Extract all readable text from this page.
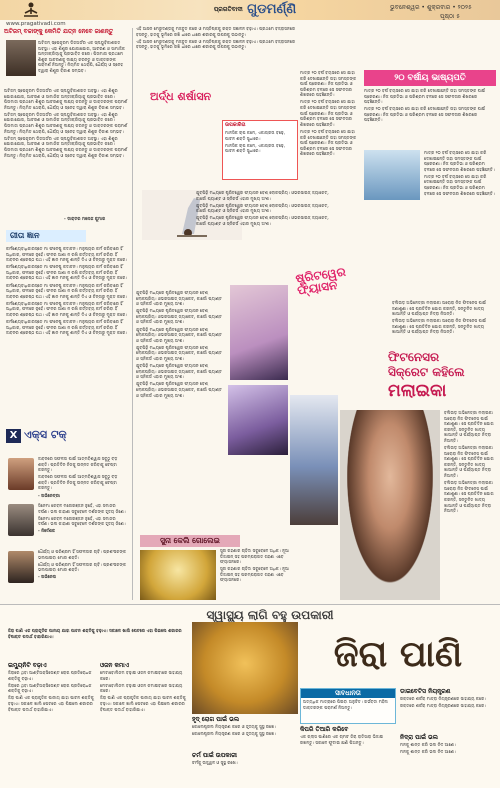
$^{ପ୍ରଗତିବାଦୀ}$ ଗୁଡମର୍ଣ୍ଣି	ଭୁବନେଶ୍ୱର • ଶୁକ୍ରବାର • ୨୦୨୫
ପୃଷ୍ଠା ୫
www.pragativadi.com
ଅଟିଜମ୍ ବଚ୍ଚାଙ୍କୁ କେମିତି ଯତ୍ନ ନେବେ ଜାଣନ୍ତୁ

ଅଟିଜମ୍ ସ୍ପେକ୍ଟ୍ରମ ଡିଜଅର୍ଡର ଏକ ସ୍ନାୟୁବିକାଶଗତ ଅବସ୍ଥା। ଏହା ଶିଶୁର ଯୋଗାଯୋଗ, ଆଚରଣ ଓ ସାମାଜିକ ଅନ୍ତଃକ୍ରିୟାକୁ ପ୍ରଭାବିତ କରେ। ପିତାମାତା ପ୍ରଥମେ ଶିଶୁର ଆଚରଣକୁ ଲକ୍ଷ୍ୟ କରନ୍ତୁ ଓ ଡାକ୍ତରଙ୍କ ପରାମର୍ଶ ନିଅନ୍ତୁ। ନିୟମିତ ଥେରାପି, ଧୈର୍ଯ୍ୟ ଓ ସ୍ନେହ ଦ୍ୱାରା ଶିଶୁର ବିକାଶ ସମ୍ଭବ।

ଅଟିଜମ୍ ସ୍ପେକ୍ଟ୍ରମ ଡିଜଅର୍ଡର ଏକ ସ୍ନାୟୁବିକାଶଗତ ଅବସ୍ଥା। ଏହା ଶିଶୁର ଯୋଗାଯୋଗ, ଆଚରଣ ଓ ସାମାଜିକ ଅନ୍ତଃକ୍ରିୟାକୁ ପ୍ରଭାବିତ କରେ। ପିତାମାତା ପ୍ରଥମେ ଶିଶୁର ଆଚରଣକୁ ଲକ୍ଷ୍ୟ କରନ୍ତୁ ଓ ଡାକ୍ତରଙ୍କ ପରାମର୍ଶ ନିଅନ୍ତୁ। ନିୟମିତ ଥେରାପି, ଧୈର୍ଯ୍ୟ ଓ ସ୍ନେହ ଦ୍ୱାରା ଶିଶୁର ବିକାଶ ସମ୍ଭବ।

ଅଟିଜମ୍ ସ୍ପେକ୍ଟ୍ରମ ଡିଜଅର୍ଡର ଏକ ସ୍ନାୟୁବିକାଶଗତ ଅବସ୍ଥା। ଏହା ଶିଶୁର ଯୋଗାଯୋଗ, ଆଚରଣ ଓ ସାମାଜିକ ଅନ୍ତଃକ୍ରିୟାକୁ ପ୍ରଭାବିତ କରେ। ପିତାମାତା ପ୍ରଥମେ ଶିଶୁର ଆଚରଣକୁ ଲକ୍ଷ୍ୟ କରନ୍ତୁ ଓ ଡାକ୍ତରଙ୍କ ପରାମର୍ଶ ନିଅନ୍ତୁ। ନିୟମିତ ଥେରାପି, ଧୈର୍ଯ୍ୟ ଓ ସ୍ନେହ ଦ୍ୱାରା ଶିଶୁର ବିକାଶ ସମ୍ଭବ।

ଅଟିଜମ୍ ସ୍ପେକ୍ଟ୍ରମ ଡିଜଅର୍ଡର ଏକ ସ୍ନାୟୁବିକାଶଗତ ଅବସ୍ଥା। ଏହା ଶିଶୁର ଯୋଗାଯୋଗ, ଆଚରଣ ଓ ସାମାଜିକ ଅନ୍ତଃକ୍ରିୟାକୁ ପ୍ରଭାବିତ କରେ। ପିତାମାତା ପ୍ରଥମେ ଶିଶୁର ଆଚରଣକୁ ଲକ୍ଷ୍ୟ କରନ୍ତୁ ଓ ଡାକ୍ତରଙ୍କ ପରାମର୍ଶ ନିଅନ୍ତୁ। ନିୟମିତ ଥେରାପି, ଧୈର୍ଯ୍ୟ ଓ ସ୍ନେହ ଦ୍ୱାରା ଶିଶୁର ବିକାଶ ସମ୍ଭବ।

- ଡାକ୍ତର ମନୋଜ କୁମାର
ଗୀତା ଜ୍ଞାନ

କର୍ମଣ୍ୟେବାଧିକାରସ୍ତେ ମା ଫଳେଷୁ କଦାଚନ। ମନୁଷ୍ୟର କର୍ମ କରିବାରେ ହିଁ ଅଧିକାର, ଫଳରେ ନୁହେଁ। ଫଳର ଆଶା ନ ରଖି କର୍ତ୍ତବ୍ୟ କର୍ମ କରିବା ହିଁ ଜୀବନର ଶ୍ରେଷ୍ଠ ପଥ। ଏହି ଜ୍ଞାନ ମନକୁ ଶାନ୍ତି ଦିଏ ଓ ଚିନ୍ତାରୁ ମୁକ୍ତ କରେ।

କର୍ମଣ୍ୟେବାଧିକାରସ୍ତେ ମା ଫଳେଷୁ କଦାଚନ। ମନୁଷ୍ୟର କର୍ମ କରିବାରେ ହିଁ ଅଧିକାର, ଫଳରେ ନୁହେଁ। ଫଳର ଆଶା ନ ରଖି କର୍ତ୍ତବ୍ୟ କର୍ମ କରିବା ହିଁ ଜୀବନର ଶ୍ରେଷ୍ଠ ପଥ। ଏହି ଜ୍ଞାନ ମନକୁ ଶାନ୍ତି ଦିଏ ଓ ଚିନ୍ତାରୁ ମୁକ୍ତ କରେ।

କର୍ମଣ୍ୟେବାଧିକାରସ୍ତେ ମା ଫଳେଷୁ କଦାଚନ। ମନୁଷ୍ୟର କର୍ମ କରିବାରେ ହିଁ ଅଧିକାର, ଫଳରେ ନୁହେଁ। ଫଳର ଆଶା ନ ରଖି କର୍ତ୍ତବ୍ୟ କର୍ମ କରିବା ହିଁ ଜୀବନର ଶ୍ରେଷ୍ଠ ପଥ। ଏହି ଜ୍ଞାନ ମନକୁ ଶାନ୍ତି ଦିଏ ଓ ଚିନ୍ତାରୁ ମୁକ୍ତ କରେ।

କର୍ମଣ୍ୟେବାଧିକାରସ୍ତେ ମା ଫଳେଷୁ କଦାଚନ। ମନୁଷ୍ୟର କର୍ମ କରିବାରେ ହିଁ ଅଧିକାର, ଫଳରେ ନୁହେଁ। ଫଳର ଆଶା ନ ରଖି କର୍ତ୍ତବ୍ୟ କର୍ମ କରିବା ହିଁ ଜୀବନର ଶ୍ରେଷ୍ଠ ପଥ। ଏହି ଜ୍ଞାନ ମନକୁ ଶାନ୍ତି ଦିଏ ଓ ଚିନ୍ତାରୁ ମୁକ୍ତ କରେ।

କର୍ମଣ୍ୟେବାଧିକାରସ୍ତେ ମା ଫଳେଷୁ କଦାଚନ। ମନୁଷ୍ୟର କର୍ମ କରିବାରେ ହିଁ ଅଧିକାର, ଫଳରେ ନୁହେଁ। ଫଳର ଆଶା ନ ରଖି କର୍ତ୍ତବ୍ୟ କର୍ମ କରିବା ହିଁ ଜୀବନର ଶ୍ରେଷ୍ଠ ପଥ। ଏହି ଜ୍ଞାନ ମନକୁ ଶାନ୍ତି ଦିଏ ଓ ଚିନ୍ତାରୁ ମୁକ୍ତ କରେ।

X ଏକ୍ସ ଟକ୍

ଜୀବନରେ ସଫଳତା ପାଇଁ ଆତ୍ମବିଶ୍ୱାସ ସବୁଠୁ ବଡ଼ ଶକ୍ତି। ପ୍ରତିଦିନ ନିଜକୁ ଉନ୍ନତ କରିବାକୁ ଚେଷ୍ଟା କରନ୍ତୁ।

ଜୀବନରେ ସଫଳତା ପାଇଁ ଆତ୍ମବିଶ୍ୱାସ ସବୁଠୁ ବଡ଼ ଶକ୍ତି। ପ୍ରତିଦିନ ନିଜକୁ ଉନ୍ନତ କରିବାକୁ ଚେଷ୍ଟା କରନ୍ତୁ।

- ଅଭିନେତ୍ରୀ

ସିନେମା କେବଳ ମନୋରଞ୍ଜନ ନୁହେଁ, ଏହା ସମାଜର ଦର୍ପଣ। ଭଲ କାହାଣୀ ସବୁବେଳେ ଦର୍ଶକଙ୍କ ହୃଦୟ ଜିଣେ।

ସିନେମା କେବଳ ମନୋରଞ୍ଜନ ନୁହେଁ, ଏହା ସମାଜର ଦର୍ପଣ। ଭଲ କାହାଣୀ ସବୁବେଳେ ଦର୍ଶକଙ୍କ ହୃଦୟ ଜିଣେ।

- ନିର୍ଦ୍ଦେଶକ

ଧୈର୍ଯ୍ୟ ଓ ପରିଶ୍ରମ ହିଁ ସଫଳତାର ଚାବି। ପ୍ରଶଂସକଙ୍କ ଭଲପାଇବା ମୋର ଶକ୍ତି।

ଧୈର୍ଯ୍ୟ ଓ ପରିଶ୍ରମ ହିଁ ସଫଳତାର ଚାବି। ପ୍ରଶଂସକଙ୍କ ଭଲପାଇବା ମୋର ଶକ୍ତି।

- ଅଭିନେତା

ଏହି ଆସନ ମେରୁଦଣ୍ଡକୁ ମଜବୁତ କରେ ଓ ମସ୍ତିଷ୍କକୁ ରକ୍ତ ସଞ୍ଚାଳନ ବଢ଼ାଏ। ପ୍ରଥମେ ବଜ୍ରାସନରେ ବସନ୍ତୁ, ହାତକୁ ଭୂମିରେ ରଖି ଧୀରେ ଧୀରେ ଶରୀରକୁ ଉପରକୁ ଉଠାନ୍ତୁ।

ଏହି ଆସନ ମେରୁଦଣ୍ଡକୁ ମଜବୁତ କରେ ଓ ମସ୍ତିଷ୍କକୁ ରକ୍ତ ସଞ୍ଚାଳନ ବଢ଼ାଏ। ପ୍ରଥମେ ବଜ୍ରାସନରେ ବସନ୍ତୁ, ହାତକୁ ଭୂମିରେ ରଖି ଧୀରେ ଧୀରେ ଶରୀରକୁ ଉପରକୁ ଉଠାନ୍ତୁ।

ଅର୍ଦ୍ଧ ଶର୍ଷାସନ

ଉପକାରିତା

ମାନସିକ ଚାପ କମେ, ଏକାଗ୍ରତା ବଢ଼େ, ପାଚନ ଶକ୍ତି ସୁଧାରେ।

ମାନସିକ ଚାପ କମେ, ଏକାଗ୍ରତା ବଢ଼େ, ପାଚନ ଶକ୍ତି ସୁଧାରେ।

ଯୁବପିଢ଼ି ମଧ୍ୟରେ ଷ୍ଟ୍ରିଟୱେର ଫ୍ୟାସନ ବେଶ୍ ଲୋକପ୍ରିୟ। ଓଭରସାଇଜ୍ ଜ୍ୟାକେଟ୍, କାର୍ଗୋ ପ୍ୟାଣ୍ଟ ଓ ସ୍ନିକର୍ସ ଏହାର ମୁଖ୍ୟ ଅଂଶ।

ଯୁବପିଢ଼ି ମଧ୍ୟରେ ଷ୍ଟ୍ରିଟୱେର ଫ୍ୟାସନ ବେଶ୍ ଲୋକପ୍ରିୟ। ଓଭରସାଇଜ୍ ଜ୍ୟାକେଟ୍, କାର୍ଗୋ ପ୍ୟାଣ୍ଟ ଓ ସ୍ନିକର୍ସ ଏହାର ମୁଖ୍ୟ ଅଂଶ।

ଯୁବପିଢ଼ି ମଧ୍ୟରେ ଷ୍ଟ୍ରିଟୱେର ଫ୍ୟାସନ ବେଶ୍ ଲୋକପ୍ରିୟ। ଓଭରସାଇଜ୍ ଜ୍ୟାକେଟ୍, କାର୍ଗୋ ପ୍ୟାଣ୍ଟ ଓ ସ୍ନିକର୍ସ ଏହାର ମୁଖ୍ୟ ଅଂଶ।

ଷ୍ଟ୍ରିଟୱେର ଫ୍ୟାସନ

ଯୁବପିଢ଼ି ମଧ୍ୟରେ ଷ୍ଟ୍ରିଟୱେର ଫ୍ୟାସନ ବେଶ୍ ଲୋକପ୍ରିୟ। ଓଭରସାଇଜ୍ ଜ୍ୟାକେଟ୍, କାର୍ଗୋ ପ୍ୟାଣ୍ଟ ଓ ସ୍ନିକର୍ସ ଏହାର ମୁଖ୍ୟ ଅଂଶ।

ଯୁବପିଢ଼ି ମଧ୍ୟରେ ଷ୍ଟ୍ରିଟୱେର ଫ୍ୟାସନ ବେଶ୍ ଲୋକପ୍ରିୟ। ଓଭରସାଇଜ୍ ଜ୍ୟାକେଟ୍, କାର୍ଗୋ ପ୍ୟାଣ୍ଟ ଓ ସ୍ନିକର୍ସ ଏହାର ମୁଖ୍ୟ ଅଂଶ।

ଯୁବପିଢ଼ି ମଧ୍ୟରେ ଷ୍ଟ୍ରିଟୱେର ଫ୍ୟାସନ ବେଶ୍ ଲୋକପ୍ରିୟ। ଓଭରସାଇଜ୍ ଜ୍ୟାକେଟ୍, କାର୍ଗୋ ପ୍ୟାଣ୍ଟ ଓ ସ୍ନିକର୍ସ ଏହାର ମୁଖ୍ୟ ଅଂଶ।

ଯୁବପିଢ଼ି ମଧ୍ୟରେ ଷ୍ଟ୍ରିଟୱେର ଫ୍ୟାସନ ବେଶ୍ ଲୋକପ୍ରିୟ। ଓଭରସାଇଜ୍ ଜ୍ୟାକେଟ୍, କାର୍ଗୋ ପ୍ୟାଣ୍ଟ ଓ ସ୍ନିକର୍ସ ଏହାର ମୁଖ୍ୟ ଅଂଶ।

ଯୁବପିଢ଼ି ମଧ୍ୟରେ ଷ୍ଟ୍ରିଟୱେର ଫ୍ୟାସନ ବେଶ୍ ଲୋକପ୍ରିୟ। ଓଭରସାଇଜ୍ ଜ୍ୟାକେଟ୍, କାର୍ଗୋ ପ୍ୟାଣ୍ଟ ଓ ସ୍ନିକର୍ସ ଏହାର ମୁଖ୍ୟ ଅଂଶ।

ଯୁବପିଢ଼ି ମଧ୍ୟରେ ଷ୍ଟ୍ରିଟୱେର ଫ୍ୟାସନ ବେଶ୍ ଲୋକପ୍ରିୟ। ଓଭରସାଇଜ୍ ଜ୍ୟାକେଟ୍, କାର୍ଗୋ ପ୍ୟାଣ୍ଟ ଓ ସ୍ନିକର୍ସ ଏହାର ମୁଖ୍ୟ ଅଂଶ।

ସୁନା କେଲି ଗୋଲେଇ

ସୁନା ଗହଣାର ଚାହିଦା ସବୁବେଳେ ଅଧିକ। ନୂଆ ଡିଜାଇନ୍ ସହ ପରମ୍ପରାଗତ ଗହଣା ଏବେ ଫ୍ୟାସନରେ।

ସୁନା ଗହଣାର ଚାହିଦା ସବୁବେଳେ ଅଧିକ। ନୂଆ ଡିଜାଇନ୍ ସହ ପରମ୍ପରାଗତ ଗହଣା ଏବେ ଫ୍ୟାସନରେ।

ମାତ୍ର ୨୦ ବର୍ଷ ବୟସରେ ସେ ଯାହା କରି ଦେଖାଇଛନ୍ତି ତାହା ସମସ୍ତଙ୍କ ପାଇଁ ପ୍ରେରଣା। ନିଜ ପ୍ରତିଭା ଓ ପରିଶ୍ରମ ବଳରେ ସେ ସଫଳତାର ଶିଖରରେ ପହଞ୍ଚିଛନ୍ତି।

ମାତ୍ର ୨୦ ବର୍ଷ ବୟସରେ ସେ ଯାହା କରି ଦେଖାଇଛନ୍ତି ତାହା ସମସ୍ତଙ୍କ ପାଇଁ ପ୍ରେରଣା। ନିଜ ପ୍ରତିଭା ଓ ପରିଶ୍ରମ ବଳରେ ସେ ସଫଳତାର ଶିଖରରେ ପହଞ୍ଚିଛନ୍ତି।

ମାତ୍ର ୨୦ ବର୍ଷ ବୟସରେ ସେ ଯାହା କରି ଦେଖାଇଛନ୍ତି ତାହା ସମସ୍ତଙ୍କ ପାଇଁ ପ୍ରେରଣା। ନିଜ ପ୍ରତିଭା ଓ ପରିଶ୍ରମ ବଳରେ ସେ ସଫଳତାର ଶିଖରରେ ପହଞ୍ଚିଛନ୍ତି।

୨୦ ବର୍ଷୀୟ ଭାଷ୍ୟପତି

ମାତ୍ର ୨୦ ବର୍ଷ ବୟସରେ ସେ ଯାହା କରି ଦେଖାଇଛନ୍ତି ତାହା ସମସ୍ତଙ୍କ ପାଇଁ ପ୍ରେରଣା। ନିଜ ପ୍ରତିଭା ଓ ପରିଶ୍ରମ ବଳରେ ସେ ସଫଳତାର ଶିଖରରେ ପହଞ୍ଚିଛନ୍ତି।

ମାତ୍ର ୨୦ ବର୍ଷ ବୟସରେ ସେ ଯାହା କରି ଦେଖାଇଛନ୍ତି ତାହା ସମସ୍ତଙ୍କ ପାଇଁ ପ୍ରେରଣା। ନିଜ ପ୍ରତିଭା ଓ ପରିଶ୍ରମ ବଳରେ ସେ ସଫଳତାର ଶିଖରରେ ପହଞ୍ଚିଛନ୍ତି।

ମାତ୍ର ୨୦ ବର୍ଷ ବୟସରେ ସେ ଯାହା କରି ଦେଖାଇଛନ୍ତି ତାହା ସମସ୍ତଙ୍କ ପାଇଁ ପ୍ରେରଣା। ନିଜ ପ୍ରତିଭା ଓ ପରିଶ୍ରମ ବଳରେ ସେ ସଫଳତାର ଶିଖରରେ ପହଞ୍ଚିଛନ୍ତି।

ମାତ୍ର ୨୦ ବର୍ଷ ବୟସରେ ସେ ଯାହା କରି ଦେଖାଇଛନ୍ତି ତାହା ସମସ୍ତଙ୍କ ପାଇଁ ପ୍ରେରଣା। ନିଜ ପ୍ରତିଭା ଓ ପରିଶ୍ରମ ବଳରେ ସେ ସଫଳତାର ଶିଖରରେ ପହଞ୍ଚିଛନ୍ତି।

ଫିଟନେସର
ସିକ୍ରେଟ କହିଲେ
ମଲାଇକା

ବଲିଉଡ଼ ଅଭିନେତ୍ରୀ ମଲାଇକା ଅରୋରା ନିଜ ଫିଟନେସ ପାଇଁ ଜଣାଶୁଣା। ସେ ପ୍ରତିଦିନ ଯୋଗ କରନ୍ତି, ସନ୍ତୁଳିତ ଖାଦ୍ୟ ଖାଆନ୍ତି ଓ ପର୍ଯ୍ୟାପ୍ତ ନିଦ୍ରା ନିଅନ୍ତି।

ବଲିଉଡ଼ ଅଭିନେତ୍ରୀ ମଲାଇକା ଅରୋରା ନିଜ ଫିଟନେସ ପାଇଁ ଜଣାଶୁଣା। ସେ ପ୍ରତିଦିନ ଯୋଗ କରନ୍ତି, ସନ୍ତୁଳିତ ଖାଦ୍ୟ ଖାଆନ୍ତି ଓ ପର୍ଯ୍ୟାପ୍ତ ନିଦ୍ରା ନିଅନ୍ତି।

ବଲିଉଡ଼ ଅଭିନେତ୍ରୀ ମଲାଇକା ଅରୋରା ନିଜ ଫିଟନେସ ପାଇଁ ଜଣାଶୁଣା। ସେ ପ୍ରତିଦିନ ଯୋଗ କରନ୍ତି, ସନ୍ତୁଳିତ ଖାଦ୍ୟ ଖାଆନ୍ତି ଓ ପର୍ଯ୍ୟାପ୍ତ ନିଦ୍ରା ନିଅନ୍ତି।

ବଲିଉଡ଼ ଅଭିନେତ୍ରୀ ମଲାଇକା ଅରୋରା ନିଜ ଫିଟନେସ ପାଇଁ ଜଣାଶୁଣା। ସେ ପ୍ରତିଦିନ ଯୋଗ କରନ୍ତି, ସନ୍ତୁଳିତ ଖାଦ୍ୟ ଖାଆନ୍ତି ଓ ପର୍ଯ୍ୟାପ୍ତ ନିଦ୍ରା ନିଅନ୍ତି।

ବଲିଉଡ଼ ଅଭିନେତ୍ରୀ ମଲାଇକା ଅରୋରା ନିଜ ଫିଟନେସ ପାଇଁ ଜଣାଶୁଣା। ସେ ପ୍ରତିଦିନ ଯୋଗ କରନ୍ତି, ସନ୍ତୁଳିତ ଖାଦ୍ୟ ଖାଆନ୍ତି ଓ ପର୍ଯ୍ୟାପ୍ତ ନିଦ୍ରା ନିଅନ୍ତି।

ସ୍ୱାସ୍ଥ୍ୟ ଲାଗି ବହୁ ଉପକାରୀ

ଜିରା ପାଣି ଏକ ପ୍ରାକୃତିକ ପାନୀୟ ଯାହା ପାଚନ ଶକ୍ତିକୁ ବଢ଼ାଏ। ସକାଳେ ଖାଲି ପେଟରେ ଏହା ପିଇଲେ ଶରୀରର ବିଷାକ୍ତ ପଦାର୍ଥ ବାହାରିଯାଏ।	ଜିରା ପାଣି
ଇମ୍ୟୁନିଟି ବଢ଼ାଏ

ଜିରାରେ ଥିବା ଆଣ୍ଟିଅକ୍ସିଡେଣ୍ଟ ରୋଗ ପ୍ରତିରୋଧକ ଶକ୍ତିକୁ ବଢ଼ାଏ।

ଜିରାରେ ଥିବା ଆଣ୍ଟିଅକ୍ସିଡେଣ୍ଟ ରୋଗ ପ୍ରତିରୋଧକ ଶକ୍ତିକୁ ବଢ଼ାଏ।

ଜିରା ପାଣି ଏକ ପ୍ରାକୃତିକ ପାନୀୟ ଯାହା ପାଚନ ଶକ୍ତିକୁ ବଢ଼ାଏ। ସକାଳେ ଖାଲି ପେଟରେ ଏହା ପିଇଲେ ଶରୀରର ବିଷାକ୍ତ ପଦାର୍ଥ ବାହାରିଯାଏ।

ଓଜନ କମାଏ

ମେଟାବୋଲିଜମ ବଢ଼ାଇ ଓଜନ କମାଇବାରେ ସାହାଯ୍ୟ କରେ।

ମେଟାବୋଲିଜମ ବଢ଼ାଇ ଓଜନ କମାଇବାରେ ସାହାଯ୍ୟ କରେ।

ଜିରା ପାଣି ଏକ ପ୍ରାକୃତିକ ପାନୀୟ ଯାହା ପାଚନ ଶକ୍ତିକୁ ବଢ଼ାଏ। ସକାଳେ ଖାଲି ପେଟରେ ଏହା ପିଇଲେ ଶରୀରର ବିଷାକ୍ତ ପଦାର୍ଥ ବାହାରିଯାଏ।

ହୃଦ୍ ରୋଗ ପାଇଁ ଭଲ

କୋଲେଷ୍ଟ୍ରଲ ନିୟନ୍ତ୍ରଣ କରେ ଓ ହୃଦୟକୁ ସୁସ୍ଥ ରଖେ।

କୋଲେଷ୍ଟ୍ରଲ ନିୟନ୍ତ୍ରଣ କରେ ଓ ହୃଦୟକୁ ସୁସ୍ଥ ରଖେ।

ଚର୍ମ ପାଇଁ ଉପକାରୀ

ଚର୍ମକୁ ଉଜ୍ଜ୍ୱଳ ଓ ସୁସ୍ଥ ରଖେ।

ସାବଧାନତା

ଅତ୍ୟଧିକ ମାତ୍ରାରେ ପିଇବା ଅନୁଚିତ। ଗର୍ଭବତୀ ମହିଳା ଡାକ୍ତରଙ୍କ ପରାମର୍ଶ ନିଅନ୍ତୁ।

କିପରି ତିଆରି କରିବେ

ଏକ ଗ୍ଲାସ ପାଣିରେ ଏକ ଚାମଚ ଜିରା ରାତିସାରା ଭିଜାଇ ରଖନ୍ତୁ। ସକାଳେ ଫୁଟାଇ ଛାଣି ପିଅନ୍ତୁ।

ଡାଇବେଟିସ ନିୟନ୍ତ୍ରଣ

ରକ୍ତରେ ଶର୍କରା ମାତ୍ରା ନିୟନ୍ତ୍ରଣରେ ସାହାଯ୍ୟ କରେ।

ରକ୍ତରେ ଶର୍କରା ମାତ୍ରା ନିୟନ୍ତ୍ରଣରେ ସାହାଯ୍ୟ କରେ।

ନିଦ୍ରା ପାଇଁ ଭଲ

ମନକୁ ଶାନ୍ତ କରି ଭଲ ନିଦ ଆଣେ।

ମନକୁ ଶାନ୍ତ କରି ଭଲ ନିଦ ଆଣେ।
